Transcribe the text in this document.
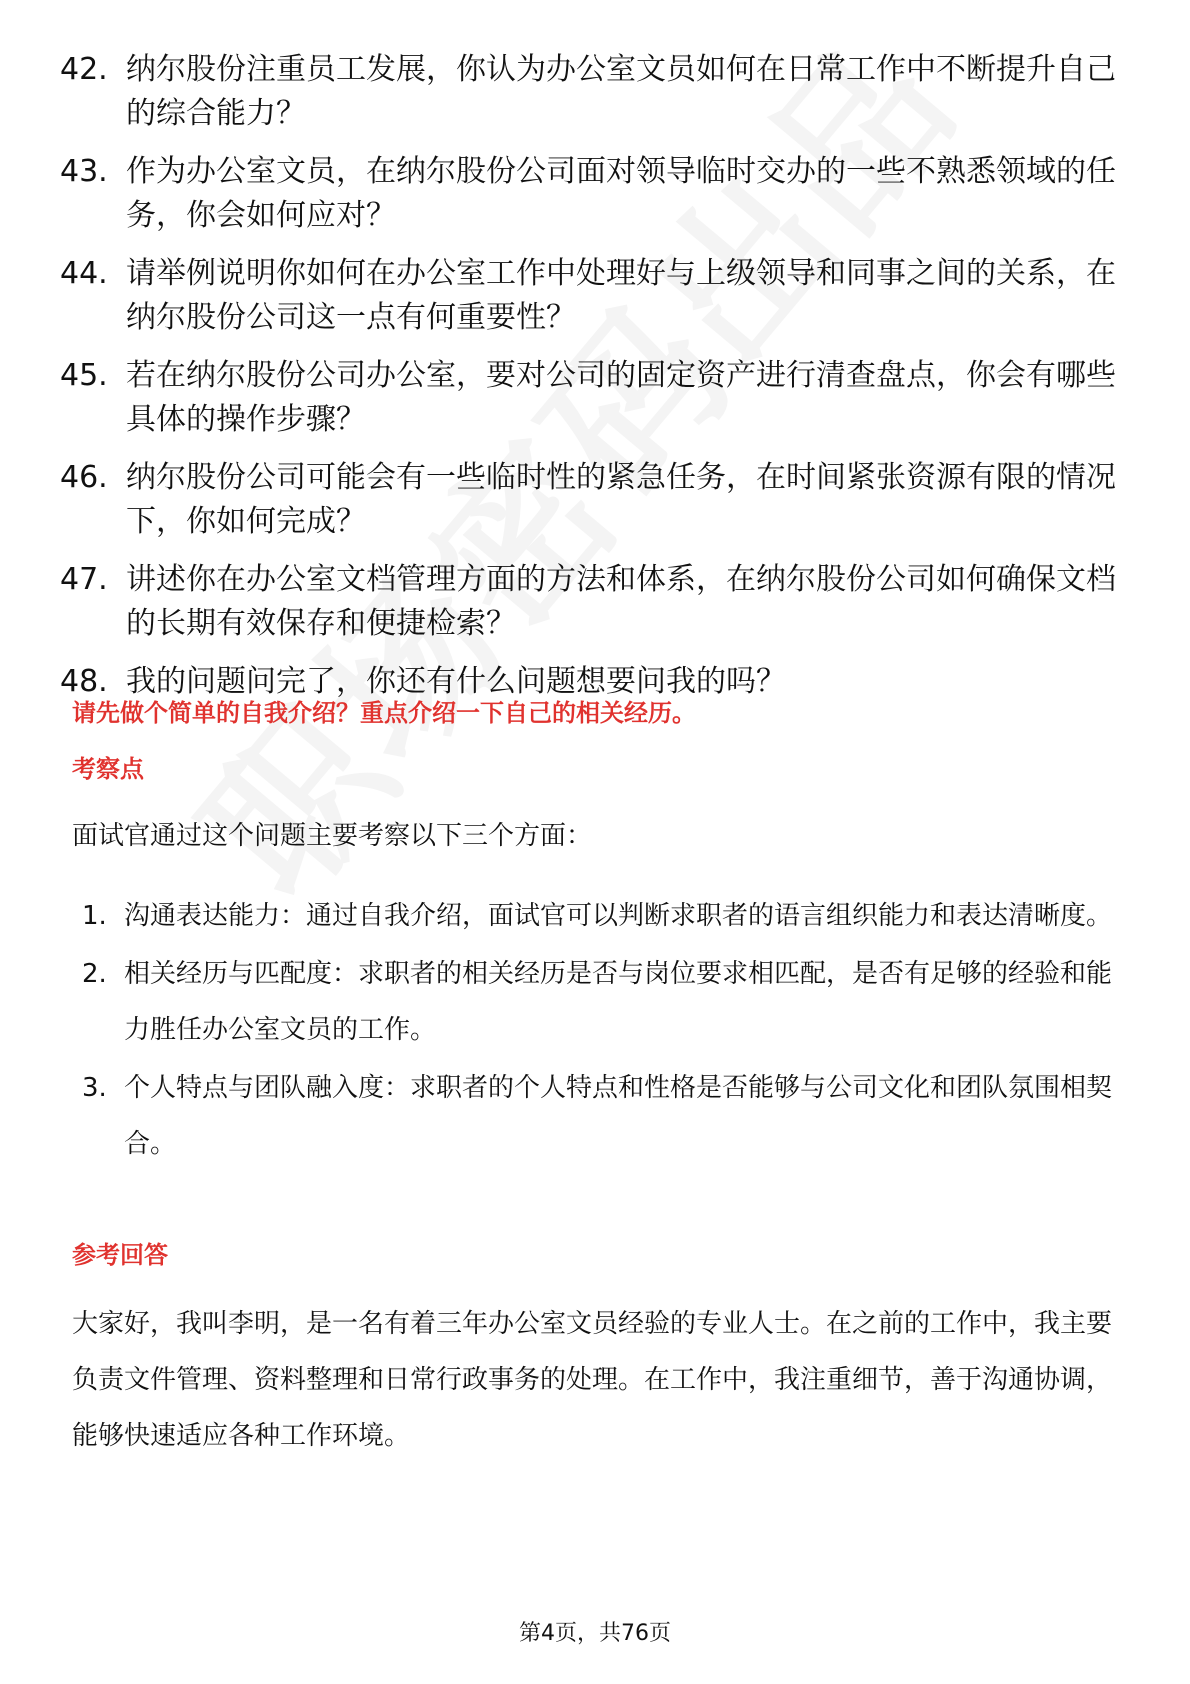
42. 纳尔股份注重员工发展，你认为办公室文员如何在日常工作中不断提升自己的综合能力？
43. 作为办公室文员，在纳尔股份公司面对领导临时交办的一些不熟悉领域的任务，你会如何应对？
44. 请举例说明你如何在办公室工作中处理好与上级领导和同事之间的关系，在纳尔股份公司这一点有何重要性？
45. 若在纳尔股份公司办公室，要对公司的固定资产进行清查盘点，你会有哪些具体的操作步骤？
46. 纳尔股份公司可能会有一些临时性的紧急任务，在时间紧张资源有限的情况下，你如何完成？
47. 讲述你在办公室文档管理方面的方法和体系，在纳尔股份公司如何确保文档的长期有效保存和便捷检索？
48. 我的问题问完了，你还有什么问题想要问我的吗？
请先做个简单的自我介绍？重点介绍一下自己的相关经历。
考察点
面试官通过这个问题主要考察以下三个方面：
1. 沟通表达能力：通过自我介绍，面试官可以判断求职者的语言组织能力和表达清晰度。
2. 相关经历与匹配度：求职者的相关经历是否与岗位要求相匹配，是否有足够的经验和能力胜任办公室文员的工作。
3. 个人特点与团队融入度：求职者的个人特点和性格是否能够与公司文化和团队氛围相契合。
参考回答
大家好，我叫李明，是一名有着三年办公室文员经验的专业人士。在之前的工作中，我主要负责文件管理、资料整理和日常行政事务的处理。在工作中，我注重细节，善于沟通协调，能够快速适应各种工作环境。
第4页，共76页
